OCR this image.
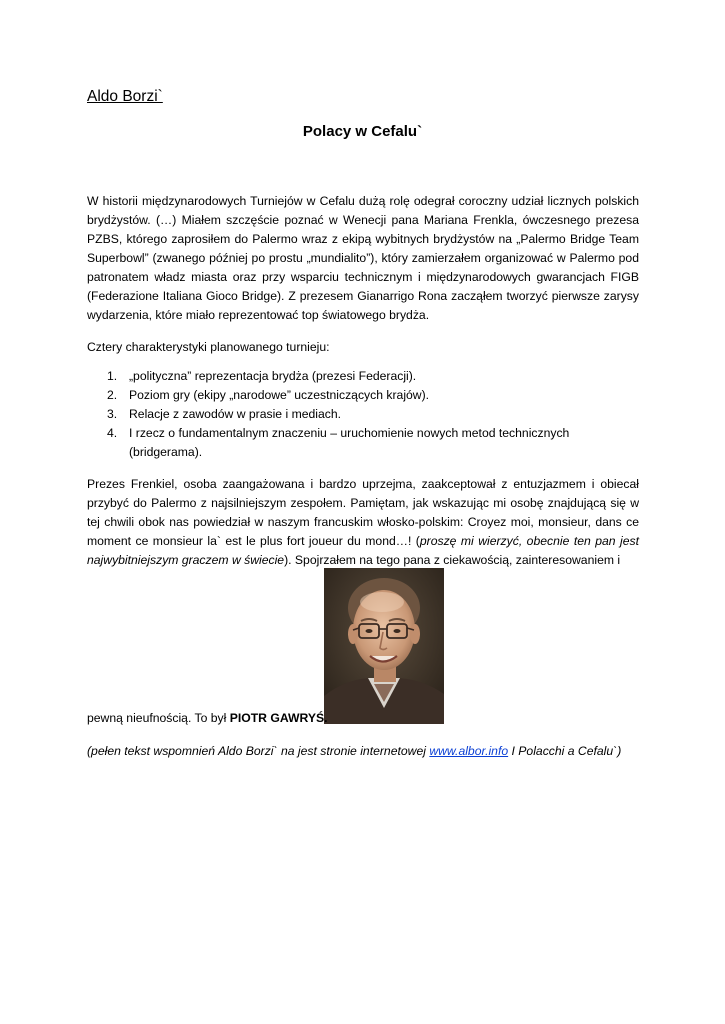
Aldo Borzi`

Polacy w Cefalu`

W historii międzynarodowych Turniejów w Cefalu dużą rolę odegrał coroczny udział licznych polskich brydżystów. (…) Miałem szczęście poznać w Wenecji pana Mariana Frenkla, ówczesnego prezesa PZBS, którego zaprosiłem do Palermo wraz z ekipą wybitnych brydżystów na „Palermo Bridge Team Superbowl” (zwanego później po prostu „mundialito”), który zamierzałem organizować w Palermo pod patronatem władz miasta oraz przy wsparciu technicznym i międzynarodowych gwarancjach FIGB (Federazione Italiana Gioco Bridge). Z prezesem Gianarrigo Rona zacząłem tworzyć pierwsze zarysy wydarzenia, które miało reprezentować top światowego brydża.

Cztery charakterystyki planowanego turnieju:

1. „polityczna” reprezentacja brydża (prezesi Federacji).
2. Poziom gry (ekipy „narodowe” uczestniczących krajów).
3. Relacje z zawodów w prasie i mediach.
4. I rzecz o fundamentalnym znaczeniu – uruchomienie nowych metod technicznych (bridgerama).

Prezes Frenkiel, osoba zaangażowana i bardzo uprzejma, zaakceptował z entuzjazmem i obiecał przybyć do Palermo z najsilniejszym zespołem. Pamiętam, jak wskazując mi osobę znajdującą się w tej chwili obok nas powiedział w naszym francuskim włosko-polskim: Croyez moi, monsieur, dans ce moment ce monsieur la` est le plus fort joueur du mond…! (proszę mi wierzyć, obecnie ten pan jest najwybitniejszym graczem w świecie). Spojrzałem na tego pana z ciekawością, zainteresowaniem i

pewną nieufnością. To był PIOTR GAWRYŚ.

(pełen tekst wspomnień Aldo Borzi` na jest stronie internetowej www.albor.info I Polacchi a Cefalu`)
